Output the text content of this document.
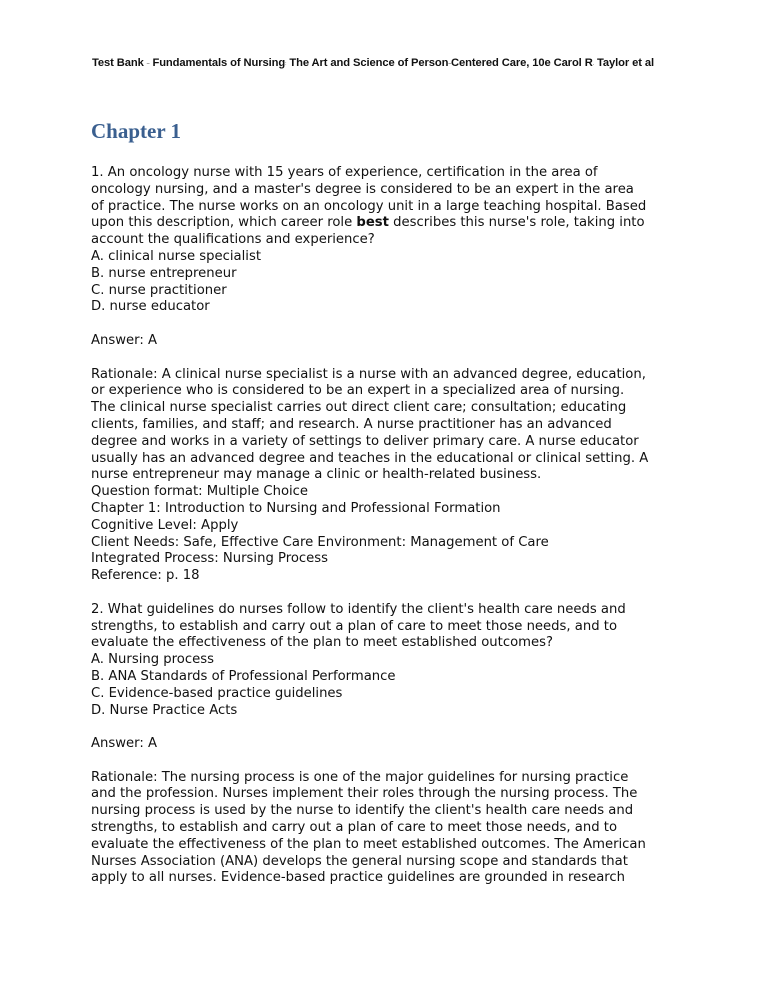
Test Bank – Fundamentals of Nursing: The Art and Science of Person–Centered Care, 10e Carol R. Taylor et al
Chapter 1
1. An oncology nurse with 15 years of experience, certification in the area of
oncology nursing, and a master's degree is considered to be an expert in the area
of practice. The nurse works on an oncology unit in a large teaching hospital. Based
upon this description, which career role best describes this nurse's role, taking into
account the qualifications and experience?
A. clinical nurse specialist
B. nurse entrepreneur
C. nurse practitioner
D. nurse educator
Answer: A
Rationale: A clinical nurse specialist is a nurse with an advanced degree, education,
or experience who is considered to be an expert in a specialized area of nursing.
The clinical nurse specialist carries out direct client care; consultation; educating
clients, families, and staff; and research. A nurse practitioner has an advanced
degree and works in a variety of settings to deliver primary care. A nurse educator
usually has an advanced degree and teaches in the educational or clinical setting. A
nurse entrepreneur may manage a clinic or health-related business.
Question format: Multiple Choice
Chapter 1: Introduction to Nursing and Professional Formation
Cognitive Level: Apply
Client Needs: Safe, Effective Care Environment: Management of Care
Integrated Process: Nursing Process
Reference: p. 18
2. What guidelines do nurses follow to identify the client's health care needs and
strengths, to establish and carry out a plan of care to meet those needs, and to
evaluate the effectiveness of the plan to meet established outcomes?
A. Nursing process
B. ANA Standards of Professional Performance
C. Evidence-based practice guidelines
D. Nurse Practice Acts
Answer: A
Rationale: The nursing process is one of the major guidelines for nursing practice
and the profession. Nurses implement their roles through the nursing process. The
nursing process is used by the nurse to identify the client's health care needs and
strengths, to establish and carry out a plan of care to meet those needs, and to
evaluate the effectiveness of the plan to meet established outcomes. The American
Nurses Association (ANA) develops the general nursing scope and standards that
apply to all nurses. Evidence-based practice guidelines are grounded in research
